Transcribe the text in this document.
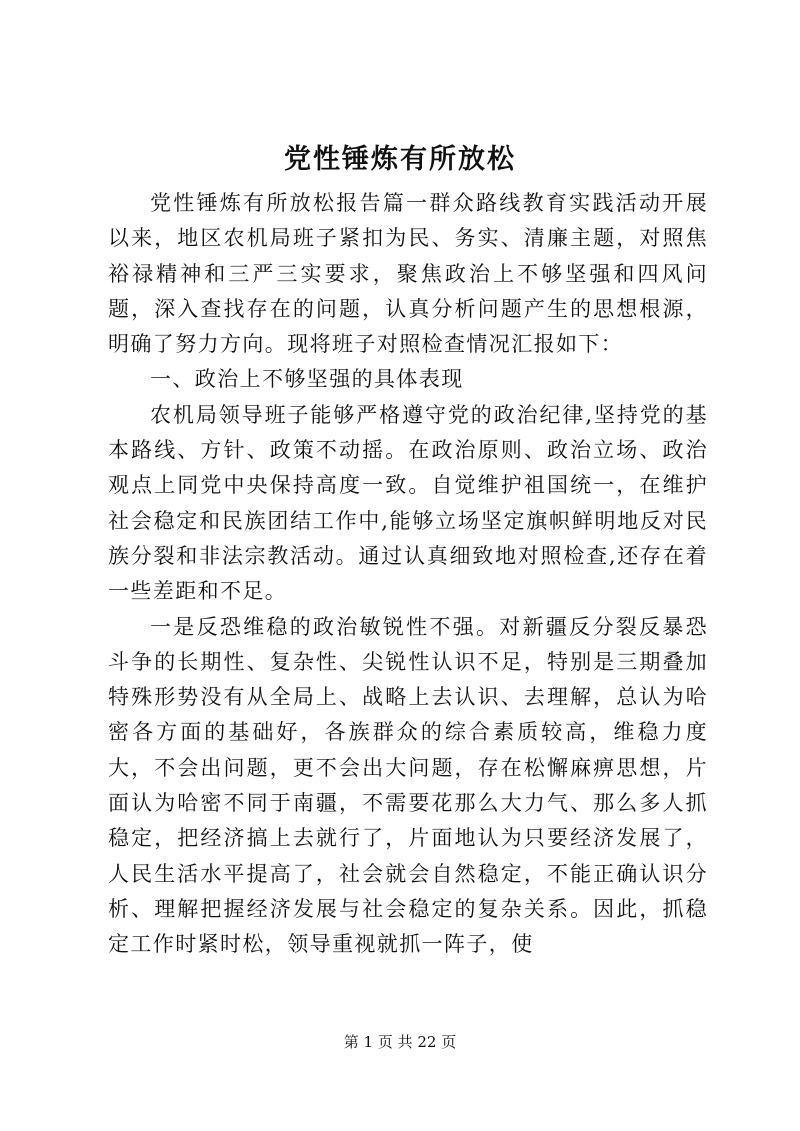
党性锤炼有所放松

党性锤炼有所放松报告篇一群众路线教育实践活动开展以来，地区农机局班子紧扣为民、务实、清廉主题，对照焦裕禄精神和三严三实要求，聚焦政治上不够坚强和四风问题，深入查找存在的问题，认真分析问题产生的思想根源，明确了努力方向。现将班子对照检查情况汇报如下：

一、政治上不够坚强的具体表现

农机局领导班子能够严格遵守党的政治纪律,坚持党的基本路线、方针、政策不动摇。在政治原则、政治立场、政治观点上同党中央保持高度一致。自觉维护祖国统一，在维护社会稳定和民族团结工作中,能够立场坚定旗帜鲜明地反对民族分裂和非法宗教活动。通过认真细致地对照检查,还存在着一些差距和不足。

一是反恐维稳的政治敏锐性不强。对新疆反分裂反暴恐斗争的长期性、复杂性、尖锐性认识不足，特别是三期叠加特殊形势没有从全局上、战略上去认识、去理解，总认为哈密各方面的基础好，各族群众的综合素质较高，维稳力度大，不会出问题，更不会出大问题，存在松懈麻痹思想，片面认为哈密不同于南疆，不需要花那么大力气、那么多人抓稳定，把经济搞上去就行了，片面地认为只要经济发展了，人民生活水平提高了，社会就会自然稳定，不能正确认识分析、理解把握经济发展与社会稳定的复杂关系。因此，抓稳定工作时紧时松，领导重视就抓一阵子，使

第 1 页 共 22 页
